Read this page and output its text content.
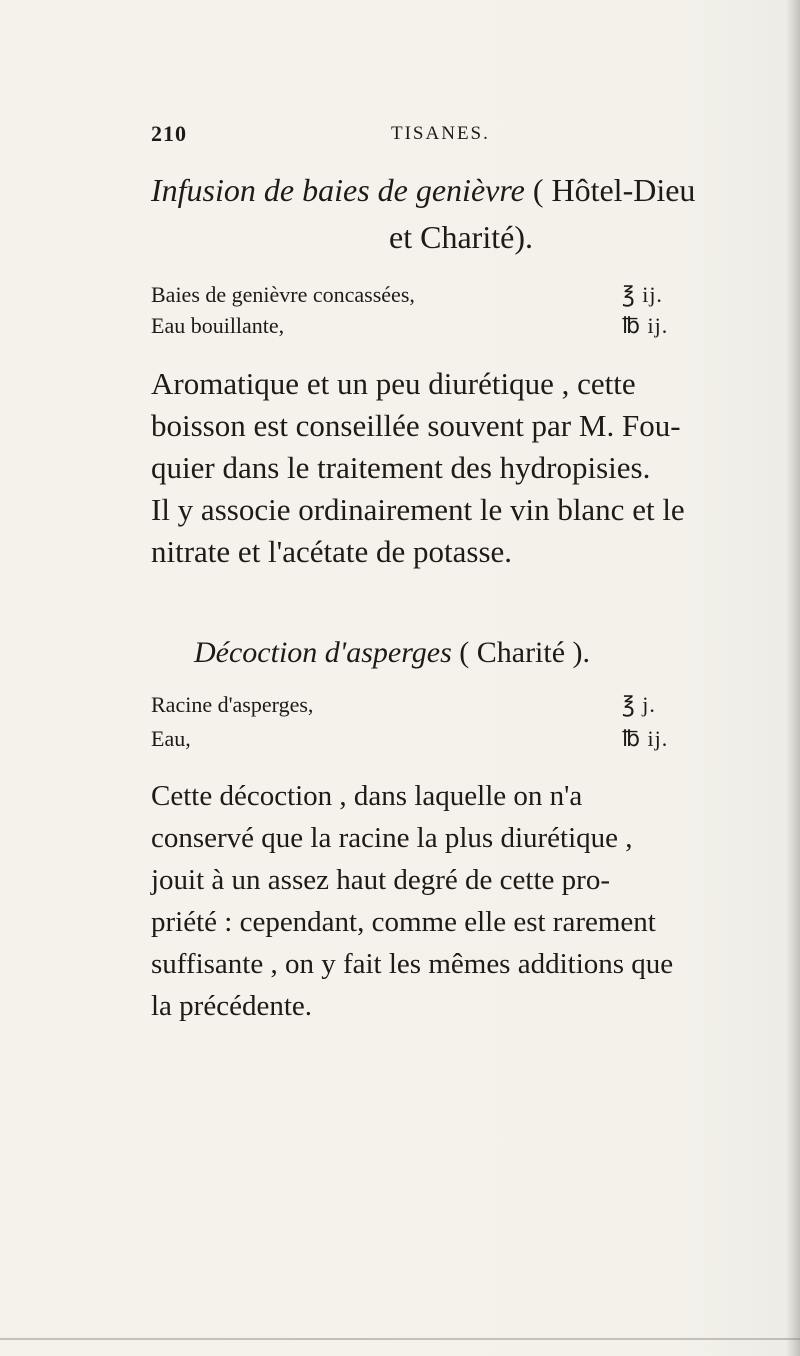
210	TISANES.
Infusion de baies de genièvre ( Hôtel-Dieu
et Charité).
Baies de genièvre concassées,	℥ ij.
Eau bouillante,	℔ ij.
Aromatique et un peu diurétique , cette
boisson est conseillée souvent par M. Fou-
quier dans le traitement des hydropisies.
Il y associe ordinairement le vin blanc et le
nitrate et l'acétate de potasse.
Décoction d'asperges ( Charité ).
Racine d'asperges,	℥ j.
Eau,	℔ ij.
Cette décoction , dans laquelle on n'a
conservé que la racine la plus diurétique ,
jouit à un assez haut degré de cette pro-
priété : cependant, comme elle est rarement
suffisante , on y fait les mêmes additions que
la précédente.
